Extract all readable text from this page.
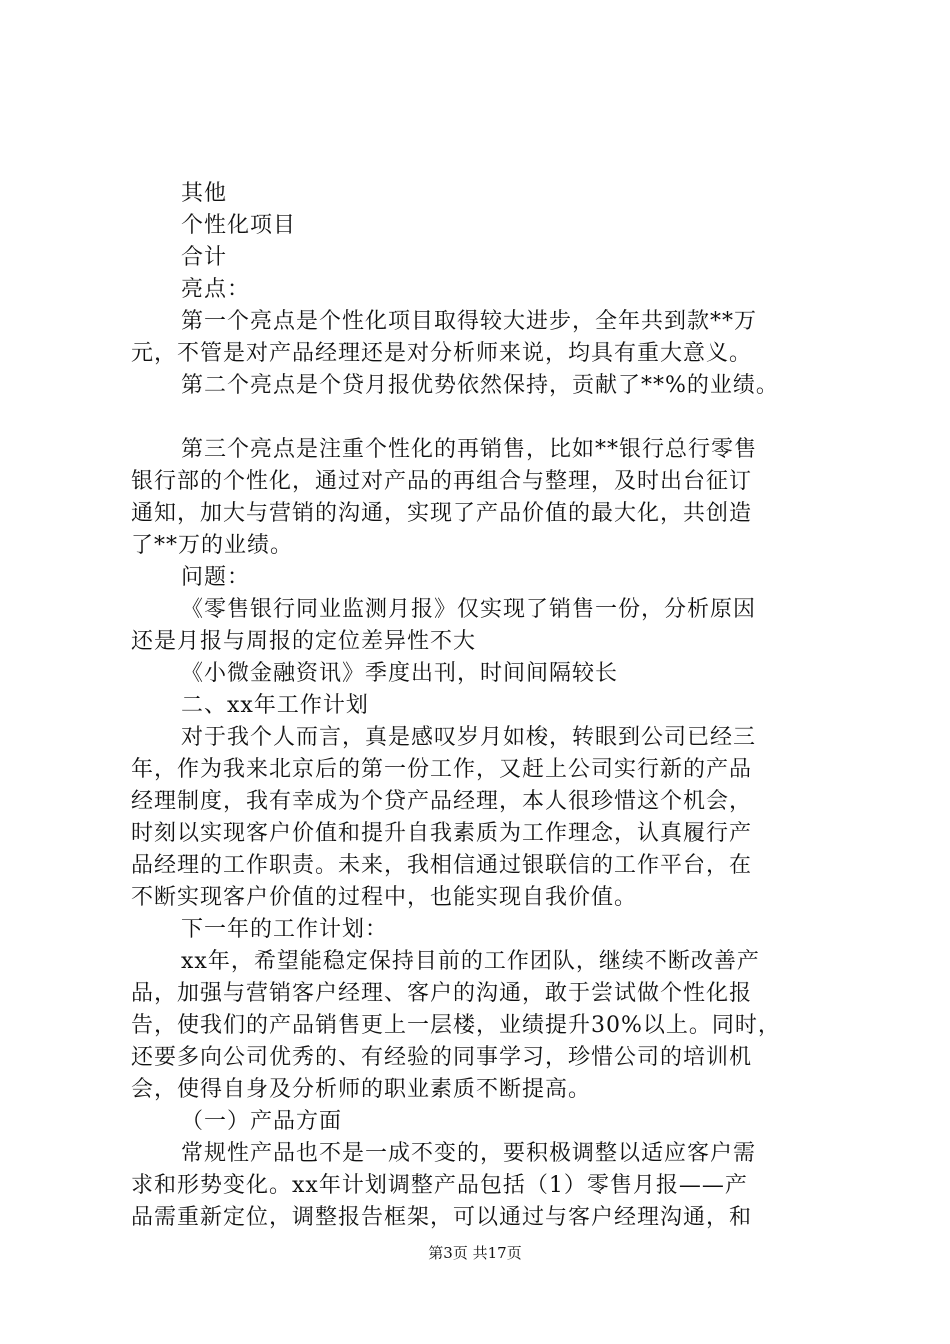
其他
个性化项目
合计
亮点：
第一个亮点是个性化项目取得较大进步，全年共到款**万
元，不管是对产品经理还是对分析师来说，均具有重大意义。
第二个亮点是个贷月报优势依然保持，贡献了**%的业绩。
第三个亮点是注重个性化的再销售，比如**银行总行零售
银行部的个性化，通过对产品的再组合与整理，及时出台征订
通知，加大与营销的沟通，实现了产品价值的最大化，共创造
了**万的业绩。
问题：
《零售银行同业监测月报》仅实现了销售一份，分析原因
还是月报与周报的定位差异性不大
《小微金融资讯》季度出刊，时间间隔较长
二、xx年工作计划
对于我个人而言，真是感叹岁月如梭，转眼到公司已经三
年，作为我来北京后的第一份工作，又赶上公司实行新的产品
经理制度，我有幸成为个贷产品经理，本人很珍惜这个机会，
时刻以实现客户价值和提升自我素质为工作理念，认真履行产
品经理的工作职责。未来，我相信通过银联信的工作平台，在
不断实现客户价值的过程中，也能实现自我价值。
下一年的工作计划：
xx年，希望能稳定保持目前的工作团队，继续不断改善产
品，加强与营销客户经理、客户的沟通，敢于尝试做个性化报
告，使我们的产品销售更上一层楼，业绩提升30%以上。同时，
还要多向公司优秀的、有经验的同事学习，珍惜公司的培训机
会，使得自身及分析师的职业素质不断提高。
（一）产品方面
常规性产品也不是一成不变的，要积极调整以适应客户需
求和形势变化。xx年计划调整产品包括（1）零售月报——产
品需重新定位，调整报告框架，可以通过与客户经理沟通，和
第3页 共17页
